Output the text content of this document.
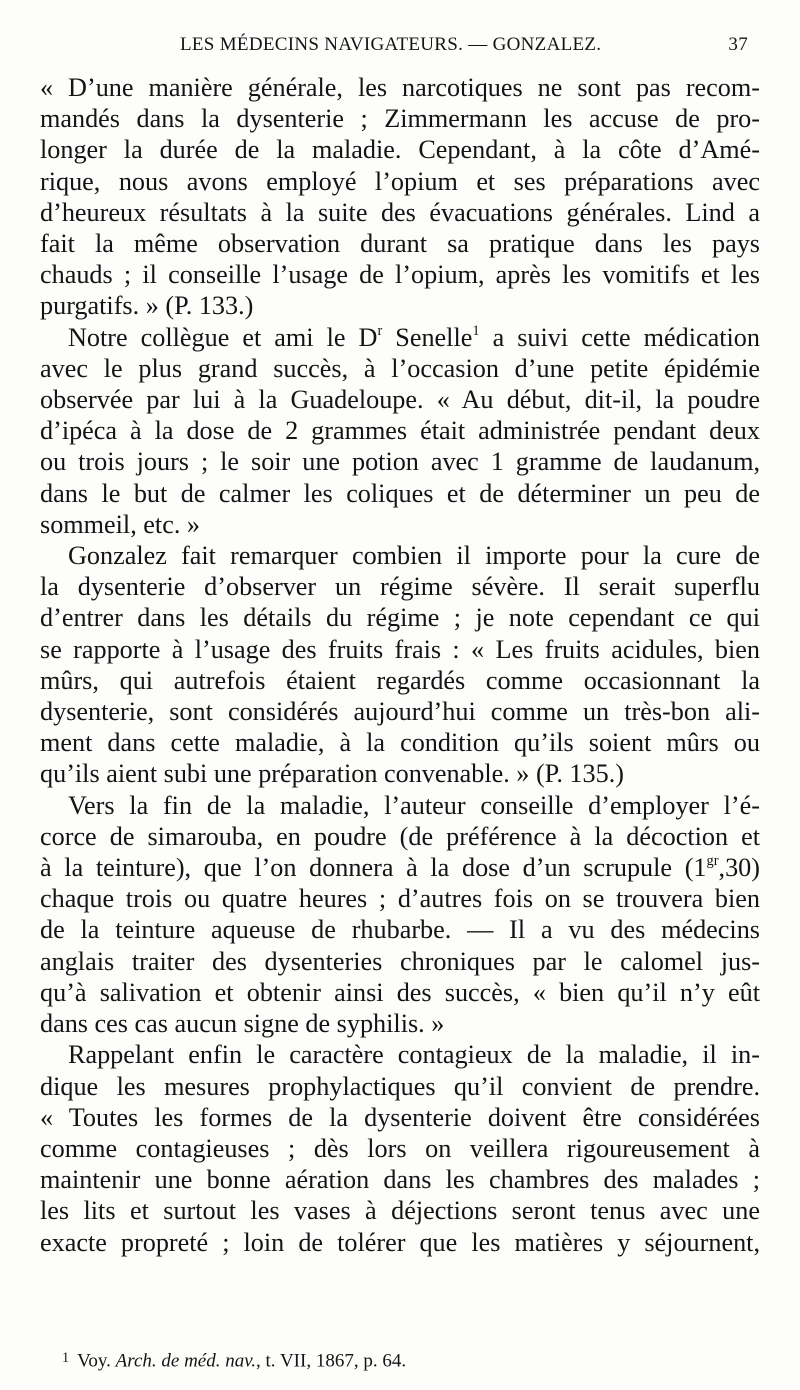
LES MÉDECINS NAVIGATEURS. — GONZALEZ.	37
« D’une manière générale, les narcotiques ne sont pas recom-
mandés dans la dysenterie ; Zimmermann les accuse de pro-
longer la durée de la maladie. Cependant, à la côte d’Amé-
rique, nous avons employé l’opium et ses préparations avec
d’heureux résultats à la suite des évacuations générales. Lind a
fait la même observation durant sa pratique dans les pays
chauds ; il conseille l’usage de l’opium, après les vomitifs et les
purgatifs. » (P. 133.)
Notre collègue et ami le $D^r$ Senelle$^1$ a suivi cette médication
avec le plus grand succès, à l’occasion d’une petite épidémie
observée par lui à la Guadeloupe. « Au début, dit-il, la poudre
d’ipéca à la dose de 2 grammes était administrée pendant deux
ou trois jours ; le soir une potion avec 1 gramme de laudanum,
dans le but de calmer les coliques et de déterminer un peu de
sommeil, etc. »
Gonzalez fait remarquer combien il importe pour la cure de
la dysenterie d’observer un régime sévère. Il serait superflu
d’entrer dans les détails du régime ; je note cependant ce qui
se rapporte à l’usage des fruits frais : « Les fruits acidules, bien
mûrs, qui autrefois étaient regardés comme occasionnant la
dysenterie, sont considérés aujourd’hui comme un très-bon ali-
ment dans cette maladie, à la condition qu’ils soient mûrs ou
qu’ils aient subi une préparation convenable. » (P. 135.)
Vers la fin de la maladie, l’auteur conseille d’employer l’é-
corce de simarouba, en poudre (de préférence à la décoction et
à la teinture), que l’on donnera à la dose d’un scrupule $(1^{gr},30)$
chaque trois ou quatre heures ; d’autres fois on se trouvera bien
de la teinture aqueuse de rhubarbe. — Il a vu des médecins
anglais traiter des dysenteries chroniques par le calomel jus-
qu’à salivation et obtenir ainsi des succès, « bien qu’il n’y eût
dans ces cas aucun signe de syphilis. »
Rappelant enfin le caractère contagieux de la maladie, il in-
dique les mesures prophylactiques qu’il convient de prendre.
« Toutes les formes de la dysenterie doivent être considérées
comme contagieuses ; dès lors on veillera rigoureusement à
maintenir une bonne aération dans les chambres des malades ;
les lits et surtout les vases à déjections seront tenus avec une
exacte propreté ; loin de tolérer que les matières y séjournent,
$^1$ Voy. Arch. de méd. nav., t. VII, 1867, p. 64.
